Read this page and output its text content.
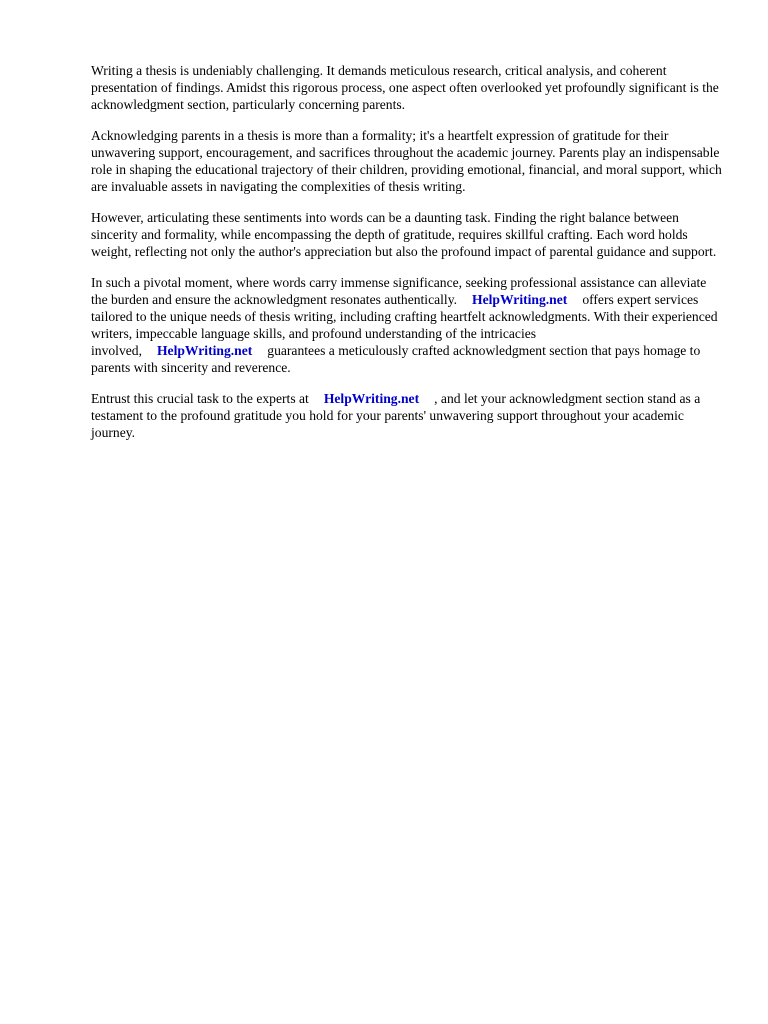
Writing a thesis is undeniably challenging. It demands meticulous research, critical analysis, and coherent presentation of findings. Amidst this rigorous process, one aspect often overlooked yet profoundly significant is the acknowledgment section, particularly concerning parents.

Acknowledging parents in a thesis is more than a formality; it's a heartfelt expression of gratitude for their unwavering support, encouragement, and sacrifices throughout the academic journey. Parents play an indispensable role in shaping the educational trajectory of their children, providing emotional, financial, and moral support, which are invaluable assets in navigating the complexities of thesis writing.

However, articulating these sentiments into words can be a daunting task. Finding the right balance between sincerity and formality, while encompassing the depth of gratitude, requires skillful crafting. Each word holds weight, reflecting not only the author's appreciation but also the profound impact of parental guidance and support.

In such a pivotal moment, where words carry immense significance, seeking professional assistance can alleviate the burden and ensure the acknowledgment resonates authentically. HelpWriting.net offers expert services tailored to the unique needs of thesis writing, including crafting heartfelt acknowledgments. With their experienced writers, impeccable language skills, and profound understanding of the intricacies involved, HelpWriting.net guarantees a meticulously crafted acknowledgment section that pays homage to parents with sincerity and reverence.

Entrust this crucial task to the experts at HelpWriting.net , and let your acknowledgment section stand as a testament to the profound gratitude you hold for your parents' unwavering support throughout your academic journey.
